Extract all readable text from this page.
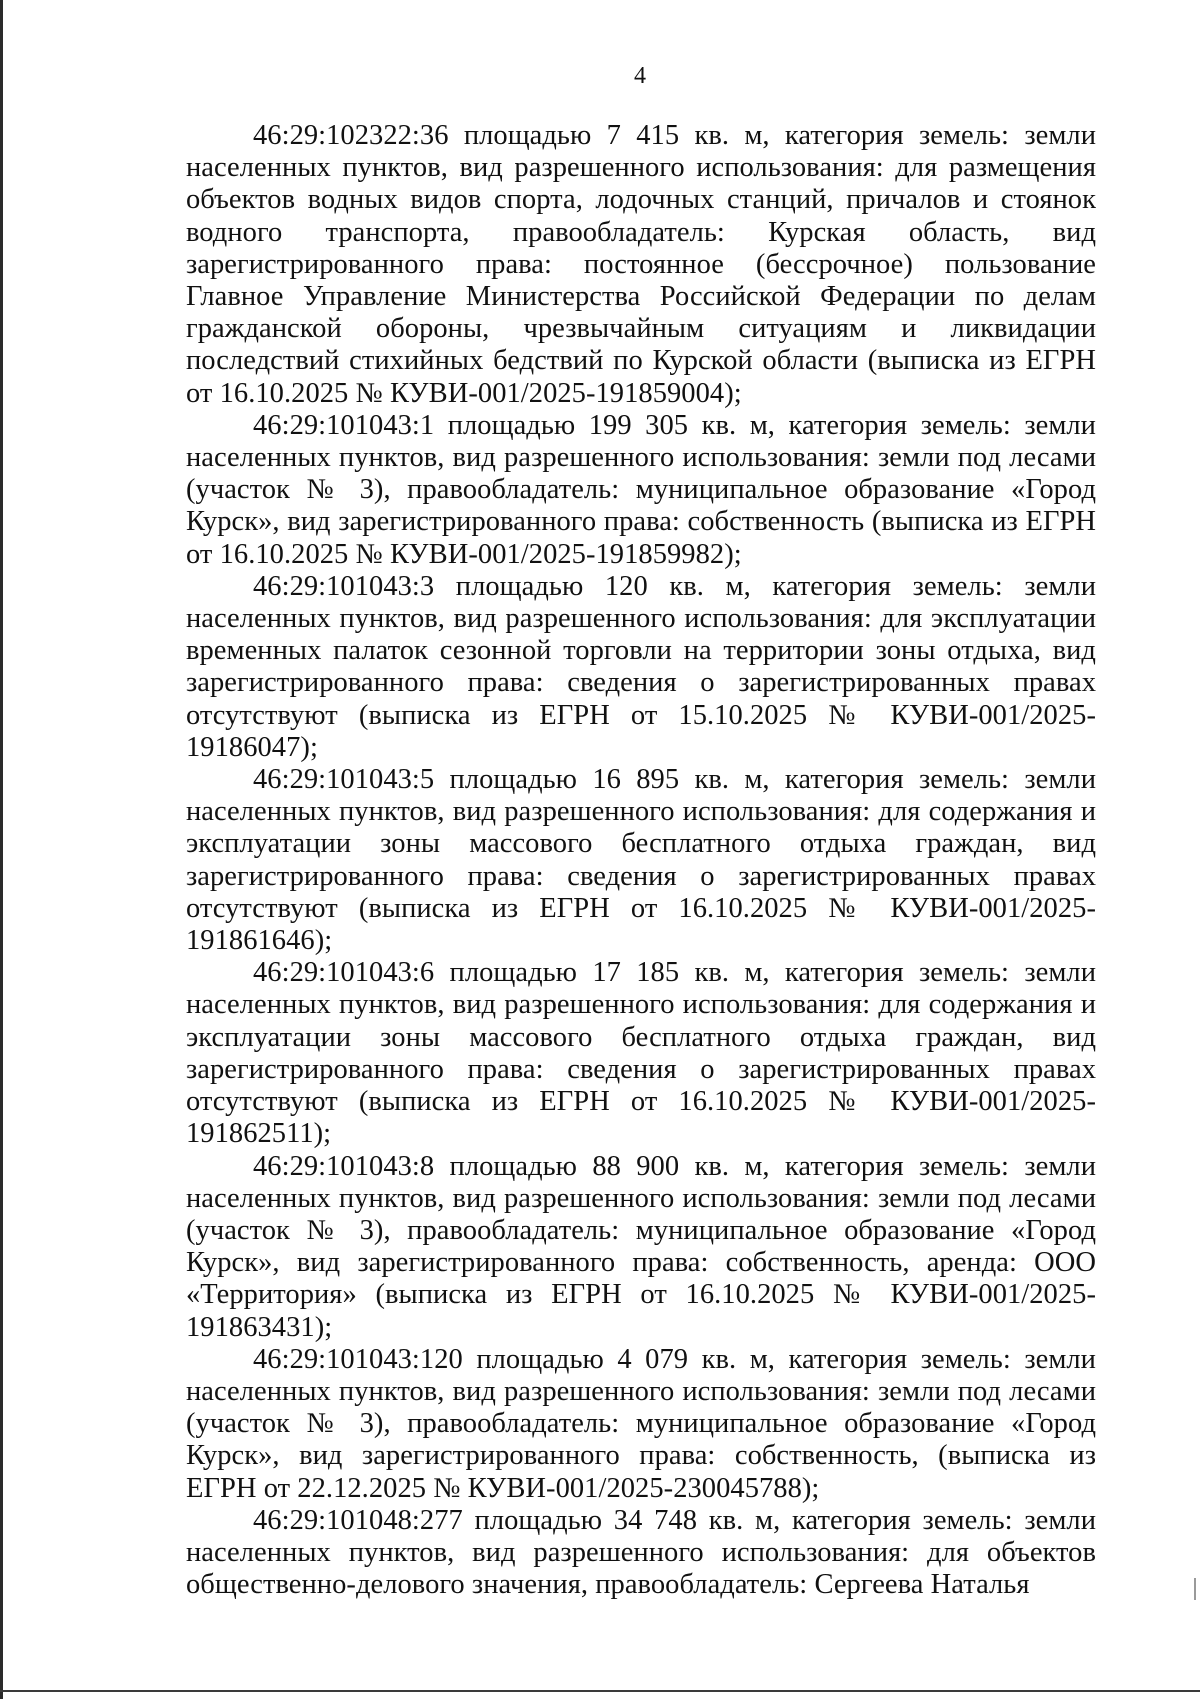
4

46:29:102322:36 площадью 7 415 кв. м, категория земель: земли населенных пунктов, вид разрешенного использования: для размещения объектов водных видов спорта, лодочных станций, причалов и стоянок водного транспорта, правообладатель: Курская область, вид зарегистрированного права: постоянное (бессрочное) пользование Главное Управление Министерства Российской Федерации по делам гражданской обороны, чрезвычайным ситуациям и ликвидации последствий стихийных бедствий по Курской области (выписка из ЕГРН от 16.10.2025 № КУВИ-001/2025-191859004);

46:29:101043:1 площадью 199 305 кв. м, категория земель: земли населенных пунктов, вид разрешенного использования: земли под лесами (участок № 3), правообладатель: муниципальное образование «Город Курск», вид зарегистрированного права: собственность (выписка из ЕГРН от 16.10.2025 № КУВИ-001/2025-191859982);

46:29:101043:3 площадью 120 кв. м, категория земель: земли населенных пунктов, вид разрешенного использования: для эксплуатации временных палаток сезонной торговли на территории зоны отдыха, вид зарегистрированного права: сведения о зарегистрированных правах отсутствуют (выписка из ЕГРН от 15.10.2025 № КУВИ-001/2025-19186047);

46:29:101043:5 площадью 16 895 кв. м, категория земель: земли населенных пунктов, вид разрешенного использования: для содержания и эксплуатации зоны массового бесплатного отдыха граждан, вид зарегистрированного права: сведения о зарегистрированных правах отсутствуют (выписка из ЕГРН от 16.10.2025 № КУВИ-001/2025-191861646);

46:29:101043:6 площадью 17 185 кв. м, категория земель: земли населенных пунктов, вид разрешенного использования: для содержания и эксплуатации зоны массового бесплатного отдыха граждан, вид зарегистрированного права: сведения о зарегистрированных правах отсутствуют (выписка из ЕГРН от 16.10.2025 № КУВИ-001/2025-191862511);

46:29:101043:8 площадью 88 900 кв. м, категория земель: земли населенных пунктов, вид разрешенного использования: земли под лесами (участок № 3), правообладатель: муниципальное образование «Город Курск», вид зарегистрированного права: собственность, аренда: ООО «Территория» (выписка из ЕГРН от 16.10.2025 № КУВИ-001/2025-191863431);

46:29:101043:120 площадью 4 079 кв. м, категория земель: земли населенных пунктов, вид разрешенного использования: земли под лесами (участок № 3), правообладатель: муниципальное образование «Город Курск», вид зарегистрированного права: собственность, (выписка из ЕГРН от 22.12.2025 № КУВИ-001/2025-230045788);

46:29:101048:277 площадью 34 748 кв. м, категория земель: земли населенных пунктов, вид разрешенного использования: для объектов общественно-делового значения, правообладатель: Сергеева Наталья
